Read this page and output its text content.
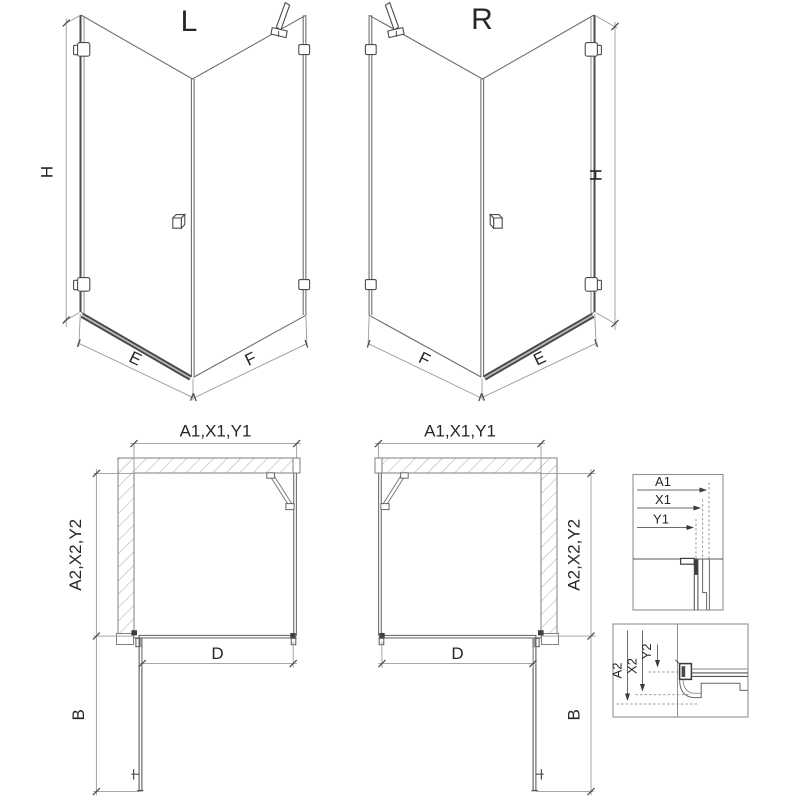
L
H
E	F
R
H
E
F
A1,X1,Y1
A2,X2,Y2
D
B
A1,X1,Y1
A2,X2,Y2
D
B
A1
X1
Y1
A2 X2
Y2
